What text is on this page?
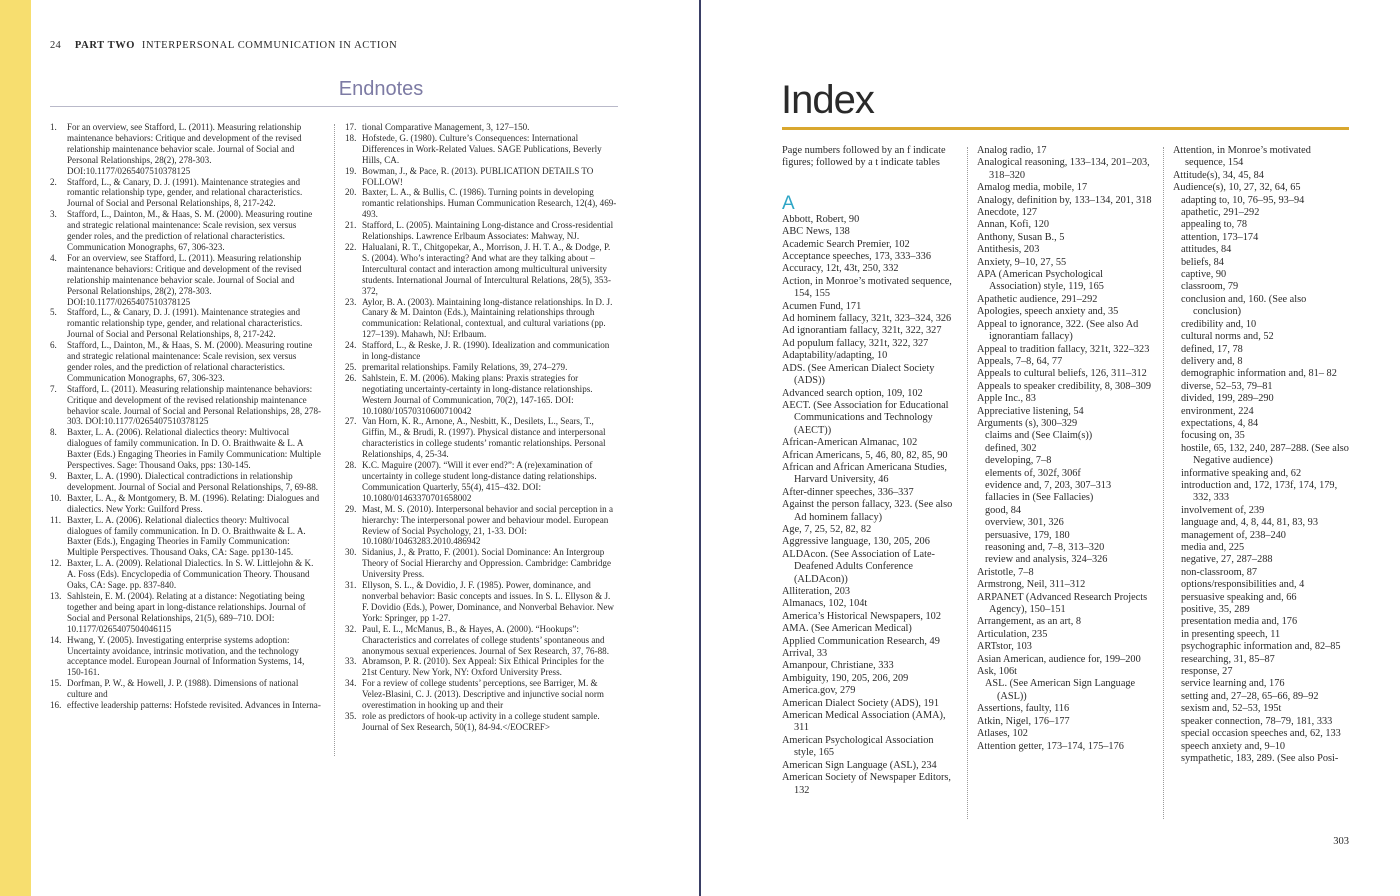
24 PART TWO INTERPERSONAL COMMUNICATION IN ACTION
Endnotes

1.	For an overview, see Stafford, L. (2011). Measuring relationship maintenance behaviors: Critique and development of the revised relationship maintenance behavior scale. Journal of Social and Personal Relationships, 28(2), 278-303. DOI:10.1177/0265407510378125

2.	Stafford, L., & Canary, D. J. (1991). Maintenance strategies and romantic relationship type, gender, and relational characteristics. Journal of Social and Personal Relationships, 8, 217-242.

3.	Stafford, L., Dainton, M., & Haas, S. M. (2000). Measuring routine and strategic relational maintenance: Scale revision, sex versus gender roles, and the prediction of relational characteristics. Communication Monographs, 67, 306-323.

4.	For an overview, see Stafford, L. (2011). Measuring relationship maintenance behaviors: Critique and development of the revised relationship maintenance behavior scale. Journal of Social and Personal Relationships, 28(2), 278-303. DOI:10.1177/0265407510378125

5.	Stafford, L., & Canary, D. J. (1991). Maintenance strategies and romantic relationship type, gender, and relational characteristics. Journal of Social and Personal Relationships, 8, 217-242.

6.	Stafford, L., Dainton, M., & Haas, S. M. (2000). Measuring routine and strategic relational maintenance: Scale revision, sex versus gender roles, and the prediction of relational characteristics. Communication Monographs, 67, 306-323.

7.	Stafford, L. (2011). Measuring relationship maintenance behaviors: Critique and development of the revised relationship maintenance behavior scale. Journal of Social and Personal Relationships, 28, 278-303. DOI:10.1177/0265407510378125

8.	Baxter, L. A. (2006). Relational dialectics theory: Multivocal dialogues of family communication. In D. O. Braithwaite & L. A Baxter (Eds.) Engaging Theories in Family Communication: Multiple Perspectives. Sage: Thousand Oaks, pps: 130-145.

9.	Baxter, L. A. (1990). Dialectical contradictions in relationship development. Journal of Social and Personal Relationships, 7, 69-88.

10. Baxter, L. A., & Montgomery, B. M. (1996). Relating: Dialogues and dialectics. New York: Guilford Press.

11. Baxter, L. A. (2006). Relational dialectics theory: Multivocal dialogues of family communication. In D. O. Braithwaite & L. A. Baxter (Eds.), Engaging Theories in Family Communication: Multiple Perspectives. Thousand Oaks, CA: Sage. pp130-145.

12. Baxter, L. A. (2009). Relational Dialectics. In S. W. Littlejohn & K. A. Foss (Eds). Encyclopedia of Communication Theory. Thousand Oaks, CA: Sage. pp. 837-840.

13. Sahlstein, E. M. (2004). Relating at a distance: Negotiating being together and being apart in long-distance relationships. Journal of Social and Personal Relationships, 21(5), 689–710. DOI: 10.1177/0265407504046115

14. Hwang, Y. (2005). Investigating enterprise systems adoption: Uncertainty avoidance, intrinsic motivation, and the technology acceptance model. European Journal of Information Systems, 14, 150-161.

15. Dorfman, P. W., & Howell, J. P. (1988). Dimensions of national culture and

16. effective leadership patterns: Hofstede revisited. Advances in Interna-

17. tional Comparative Management, 3, 127–150.

18. Hofstede, G. (1980). Culture’s Consequences: International Differences in Work-Related Values. SAGE Publications, Beverly Hills, CA.

19. Bowman, J., & Pace, R. (2013). PUBLICATION DETAILS TO FOLLOW!

20. Baxter, L. A., & Bullis, C. (1986). Turning points in developing romantic relationships. Human Communication Research, 12(4), 469-493.

21. Stafford, L. (2005). Maintaining Long-distance and Cross-residential Relationships. Lawrence Erlbaum Associates: Mahway, NJ.

22. Halualani, R. T., Chitgopekar, A., Morrison, J. H. T. A., & Dodge, P. S. (2004). Who’s interacting? And what are they talking about – Intercultural contact and interaction among multicultural university students. International Journal of Intercultural Relations, 28(5), 353-372,

23. Aylor, B. A. (2003). Maintaining long-distance relationships. In D. J. Canary & M. Dainton (Eds.), Maintaining relationships through communication: Relational, contextual, and cultural variations (pp. 127–139). Mahawh, NJ: Erlbaum.

24. Stafford, L., & Reske, J. R. (1990). Idealization and communication in long-distance

25. premarital relationships. Family Relations, 39, 274–279.

26. Sahlstein, E. M. (2006). Making plans: Praxis strategies for negotiating uncertainty-certainty in long-distance relationships. Western Journal of Communication, 70(2), 147-165. DOI: 10.1080/10570310600710042

27. Van Horn, K. R., Arnone, A., Nesbitt, K., Desilets, L., Sears, T., Giffin, M., & Brudi, R. (1997). Physical distance and interpersonal characteristics in college students’ romantic relationships. Personal Relationships, 4, 25-34.

28. K.C. Maguire (2007). “Will it ever end?”: A (re)examination of uncertainty in college student long-distance dating relationships. Communication Quarterly, 55(4), 415–432. DOI: 10.1080/01463370701658002

29. Mast, M. S. (2010). Interpersonal behavior and social perception in a hierarchy: The interpersonal power and behaviour model. European Review of Social Psychology, 21, 1-33. DOI: 10.1080/10463283.2010.486942

30. Sidanius, J., & Pratto, F. (2001). Social Dominance: An Intergroup Theory of Social Hierarchy and Oppression. Cambridge: Cambridge University Press.

31. Ellyson, S. L., & Dovidio, J. F. (1985). Power, dominance, and nonverbal behavior: Basic concepts and issues. In S. L. Ellyson & J. F. Dovidio (Eds.), Power, Dominance, and Nonverbal Behavior. New York: Springer, pp 1-27.

32. Paul, E. L., McManus, B., & Hayes, A. (2000). “Hookups”: Characteristics and correlates of college students’ spontaneous and anonymous sexual experiences. Journal of Sex Research, 37, 76-88.

33. Abramson, P. R. (2010). Sex Appeal: Six Ethical Principles for the 21st Century. New York, NY: Oxford University Press.

34. For a review of college students’ perceptions, see Barriger, M. & Velez-Blasini, C. J. (2013). Descriptive and injunctive social norm overestimation in hooking up and their

35. role as predictors of hook-up activity in a college student sample. Journal of Sex Research, 50(1), 84-94.</EOCREF>

Index

Page numbers followed by an f indicate figures; followed by a t indicate tables

A

Abbott, Robert, 90

ABC News, 138

Academic Search Premier, 102

Acceptance speeches, 173, 333–336

Accuracy, 12t, 43t, 250, 332

Action, in Monroe’s motivated sequence, 154, 155

Acumen Fund, 171

Ad hominem fallacy, 321t, 323–324, 326

Ad ignorantiam fallacy, 321t, 322, 327

Ad populum fallacy, 321t, 322, 327

Adaptability/adapting, 10

ADS. (See American Dialect Society (ADS))

Advanced search option, 109, 102

AECT. (See Association for Educational Communications and Technology (AECT))

African-American Almanac, 102

African Americans, 5, 46, 80, 82, 85, 90

African and African Americana Studies, Harvard University, 46

After-dinner speeches, 336–337

Against the person fallacy, 323. (See also Ad hominem fallacy)

Age, 7, 25, 52, 82, 82

Aggressive language, 130, 205, 206

ALDAcon. (See Association of Late-Deafened Adults Conference (ALDAcon))

Alliteration, 203

Almanacs, 102, 104t

America’s Historical Newspapers, 102

AMA. (See American Medical)

Applied Communication Research, 49

Arrival, 33

Amanpour, Christiane, 333

Ambiguity, 190, 205, 206, 209

America.gov, 279

American Dialect Society (ADS), 191

American Medical Association (AMA), 311

American Psychological Association style, 165

American Sign Language (ASL), 234

American Society of Newspaper Editors, 132

Analog radio, 17

Analogical reasoning, 133–134, 201–203, 318–320

Amalog media, mobile, 17

Analogy, definition by, 133–134, 201, 318

Anecdote, 127

Annan, Kofi, 120

Anthony, Susan B., 5

Antithesis, 203

Anxiety, 9–10, 27, 55

APA (American Psychological Association) style, 119, 165

Apathetic audience, 291–292

Apologies, speech anxiety and, 35

Appeal to ignorance, 322. (See also Ad ignorantiam fallacy)

Appeal to tradition fallacy, 321t, 322–323

Appeals, 7–8, 64, 77

Appeals to cultural beliefs, 126, 311–312

Appeals to speaker credibility, 8, 308–309

Apple Inc., 83

Appreciative listening, 54

Arguments (s), 300–329

claims and (See Claim(s))

defined, 302

developing, 7–8

elements of, 302f, 306f

evidence and, 7, 203, 307–313

fallacies in (See Fallacies)

good, 84

overview, 301, 326

persuasive, 179, 180

reasoning and, 7–8, 313–320

review and analysis, 324–326

Aristotle, 7–8

Armstrong, Neil, 311–312

ARPANET (Advanced Research Projects Agency), 150–151

Arrangement, as an art, 8

Articulation, 235

ARTstor, 103

Asian American, audience for, 199–200

Ask, 106t

ASL. (See American Sign Language (ASL))

Assertions, faulty, 116

Atkin, Nigel, 176–177

Atlases, 102

Attention getter, 173–174, 175–176

Attention, in Monroe’s motivated sequence, 154

Attitude(s), 34, 45, 84

Audience(s), 10, 27, 32, 64, 65

adapting to, 10, 76–95, 93–94

apathetic, 291–292

appealing to, 78

attention, 173–174

attitudes, 84

beliefs, 84

captive, 90

classroom, 79

conclusion and, 160. (See also conclusion)

credibility and, 10

cultural norms and, 52

defined, 17, 78

delivery and, 8

demographic information and, 81– 82

diverse, 52–53, 79–81

divided, 199, 289–290

environment, 224

expectations, 4, 84

focusing on, 35

hostile, 65, 132, 240, 287–288. (See also Negative audience)

informative speaking and, 62

introduction and, 172, 173f, 174, 179, 332, 333

involvement of, 239

language and, 4, 8, 44, 81, 83, 93

management of, 238–240

media and, 225

negative, 27, 287–288

non-classroom, 87

options/responsibilities and, 4

persuasive speaking and, 66

positive, 35, 289

presentation media and, 176

in presenting speech, 11

psychographic information and, 82–85

researching, 31, 85–87

response, 27

service learning and, 176

setting and, 27–28, 65–66, 89–92

sexism and, 52–53, 195t

speaker connection, 78–79, 181, 333

special occasion speeches and, 62, 133

speech anxiety and, 9–10

sympathetic, 183, 289. (See also Posi-

303
